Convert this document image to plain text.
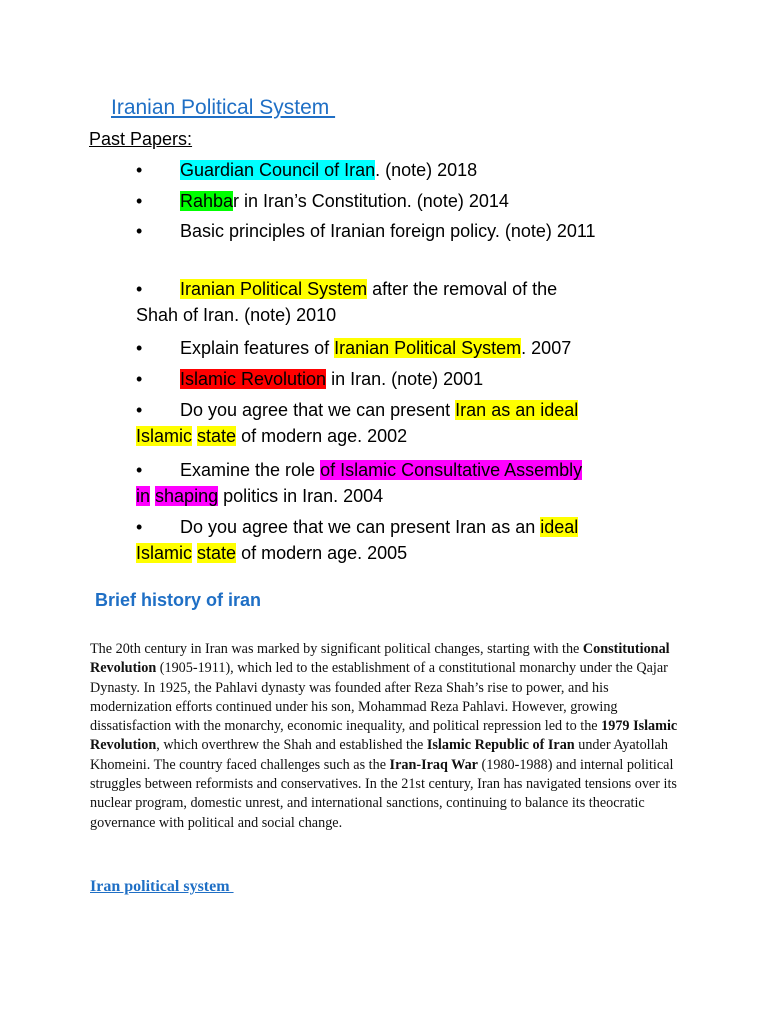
Iranian Political System
Past Papers:
• Guardian Council of Iran. (note) 2018
• Rahbar in Iran’s Constitution. (note) 2014
• Basic principles of Iranian foreign policy. (note) 2011
• Iranian Political System after the removal of the Shah of Iran. (note) 2010
• Explain features of Iranian Political System. 2007
• Islamic Revolution in Iran. (note) 2001
• Do you agree that we can present Iran as an ideal Islamic state of modern age. 2002
• Examine the role of Islamic Consultative Assembly in shaping politics in Iran. 2004
• Do you agree that we can present Iran as an ideal Islamic state of modern age. 2005
Brief history of iran
The 20th century in Iran was marked by significant political changes, starting with the Constitutional Revolution (1905-1911), which led to the establishment of a constitutional monarchy under the Qajar Dynasty. In 1925, the Pahlavi dynasty was founded after Reza Shah’s rise to power, and his modernization efforts continued under his son, Mohammad Reza Pahlavi. However, growing dissatisfaction with the monarchy, economic inequality, and political repression led to the 1979 Islamic Revolution, which overthrew the Shah and established the Islamic Republic of Iran under Ayatollah Khomeini. The country faced challenges such as the Iran-Iraq War (1980-1988) and internal political struggles between reformists and conservatives. In the 21st century, Iran has navigated tensions over its nuclear program, domestic unrest, and international sanctions, continuing to balance its theocratic governance with political and social change.
Iran political system
